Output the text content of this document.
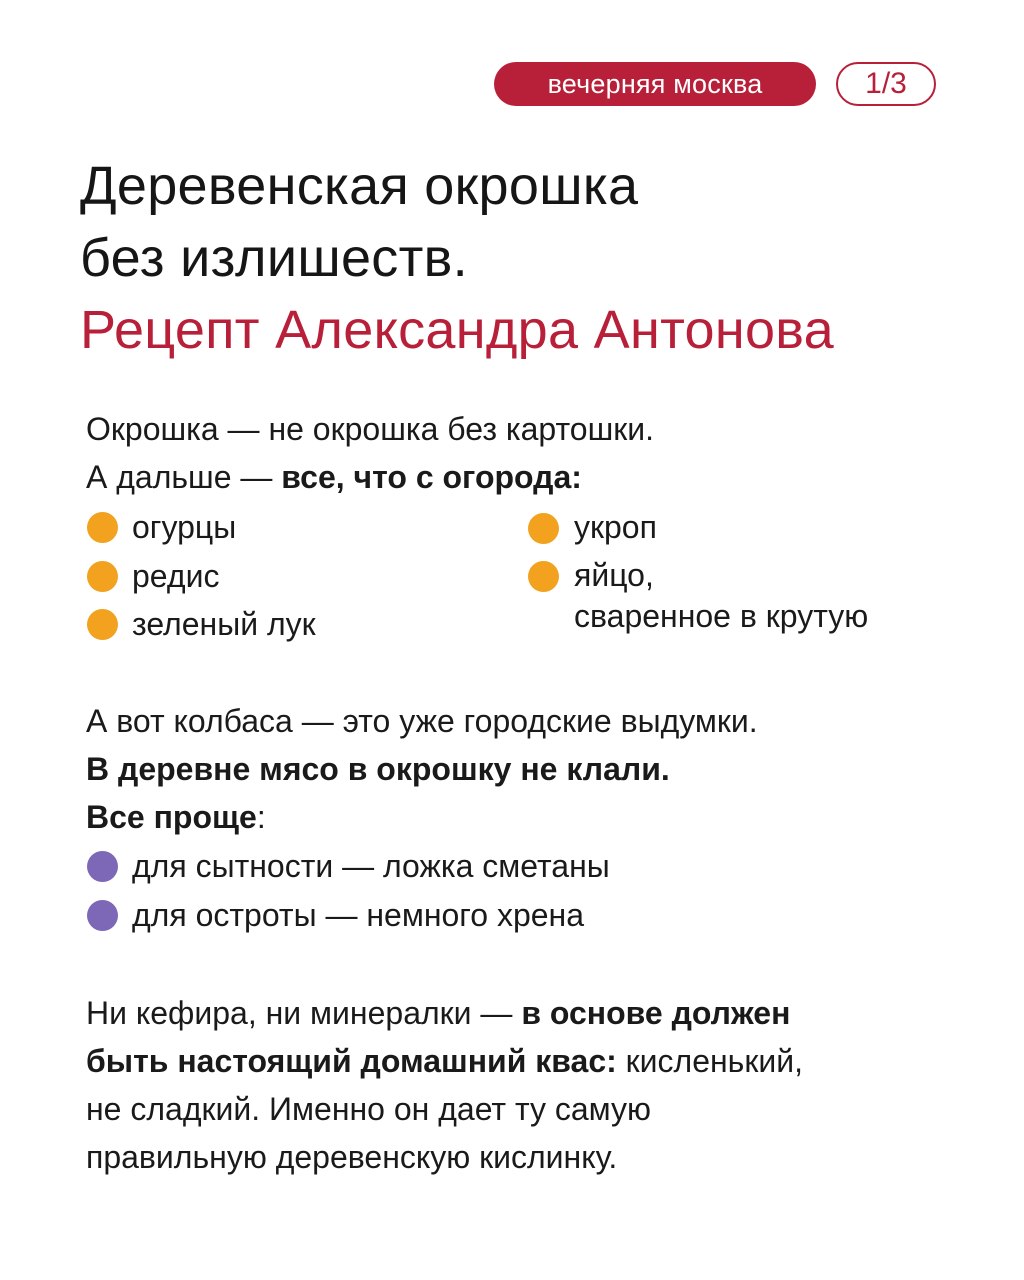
вечерняя москва	1/3
Деревенская окрошка
без излишеств.
Рецепт Александра Антонова
Окрошка — не окрошка без картошки.
А дальше — все, что с огорода:
огурцы
редис
зеленый лук
укроп
яйцо,
сваренное в крутую
А вот колбаса — это уже городские выдумки.
В деревне мясо в окрошку не клали.
Все проще:
для сытности — ложка сметаны
для остроты — немного хрена
Ни кефира, ни минералки — в основе должен
быть настоящий домашний квас: кисленький,
не сладкий. Именно он дает ту самую
правильную деревенскую кислинку.
